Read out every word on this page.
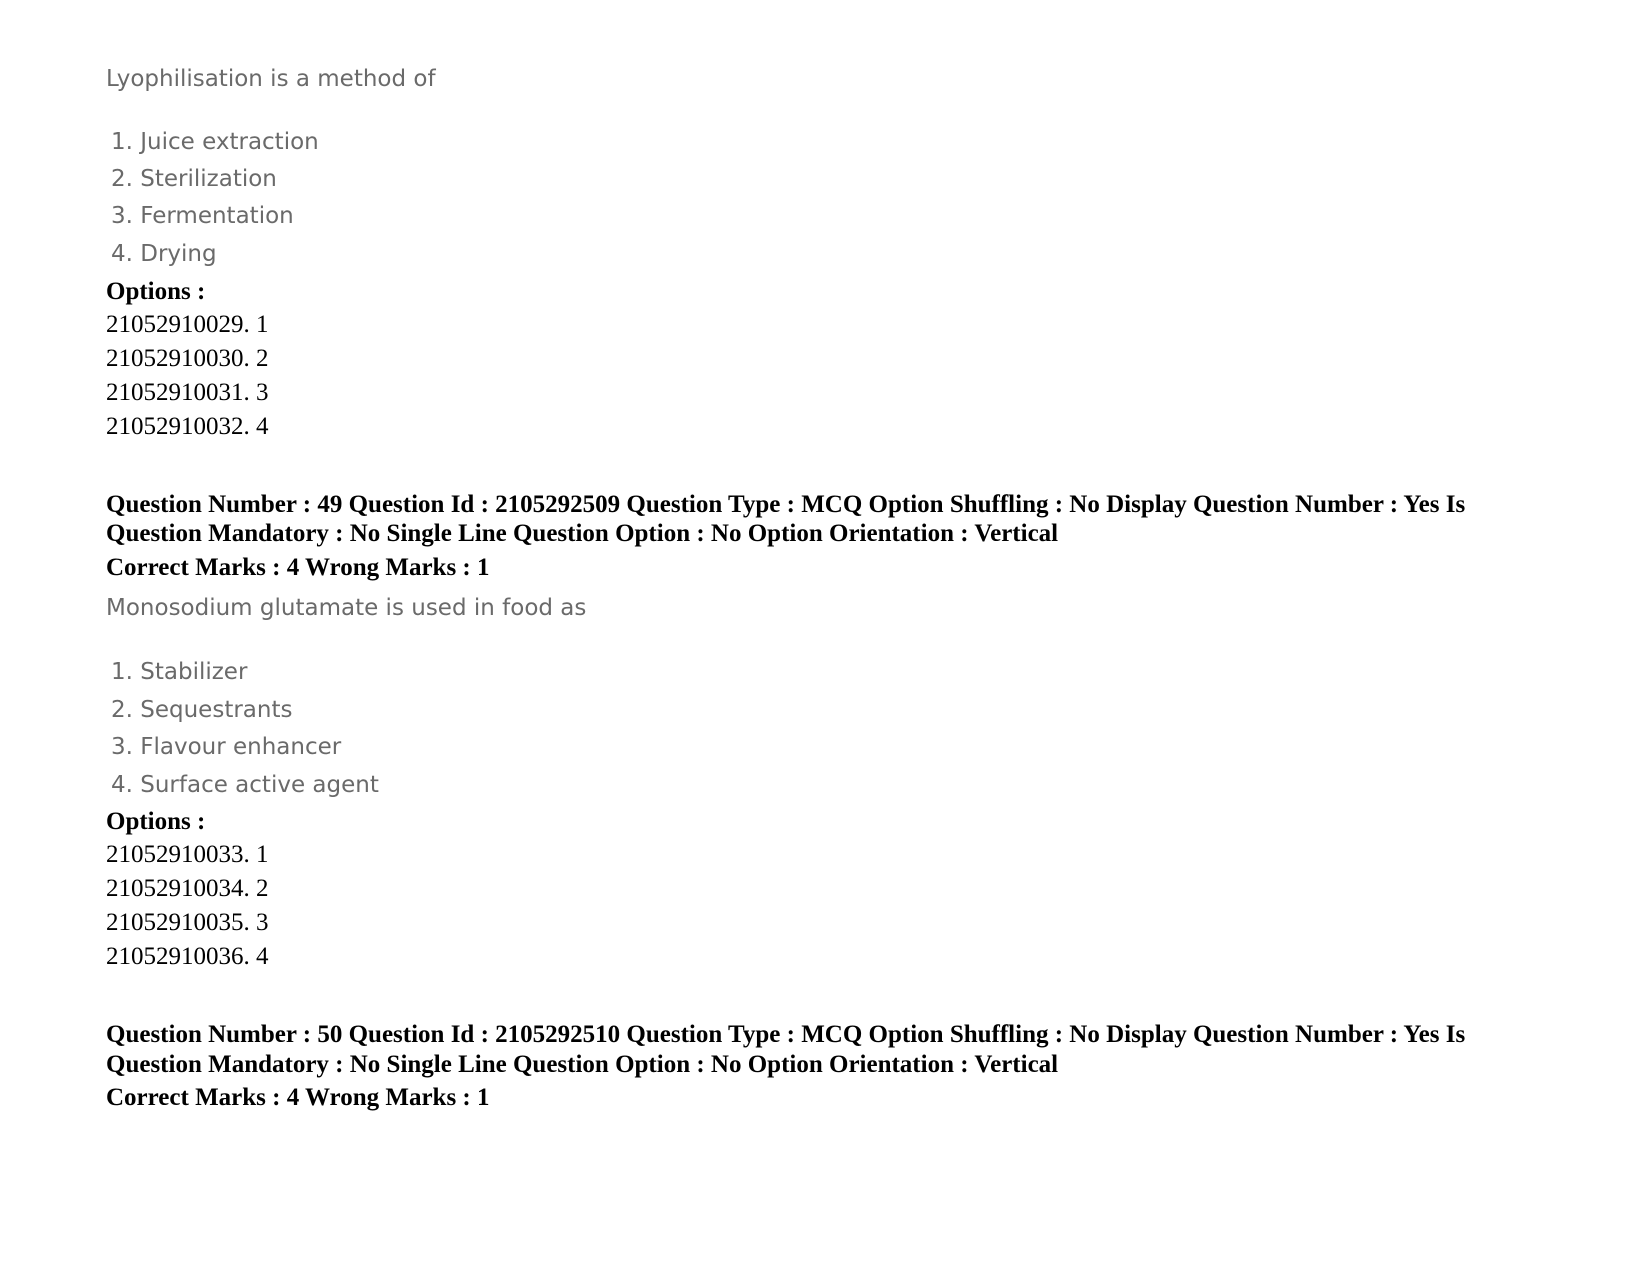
Lyophilisation is a method of
1. Juice extraction
2. Sterilization
3. Fermentation
4. Drying
Options :
21052910029. 1
21052910030. 2
21052910031. 3
21052910032. 4
Question Number : 49 Question Id : 2105292509 Question Type : MCQ Option Shuffling : No Display Question Number : Yes Is
Question Mandatory : No Single Line Question Option : No Option Orientation : Vertical
Correct Marks : 4 Wrong Marks : 1
Monosodium glutamate is used in food as
1. Stabilizer
2. Sequestrants
3. Flavour enhancer
4. Surface active agent
Options :
21052910033. 1
21052910034. 2
21052910035. 3
21052910036. 4
Question Number : 50 Question Id : 2105292510 Question Type : MCQ Option Shuffling : No Display Question Number : Yes Is
Question Mandatory : No Single Line Question Option : No Option Orientation : Vertical
Correct Marks : 4 Wrong Marks : 1
